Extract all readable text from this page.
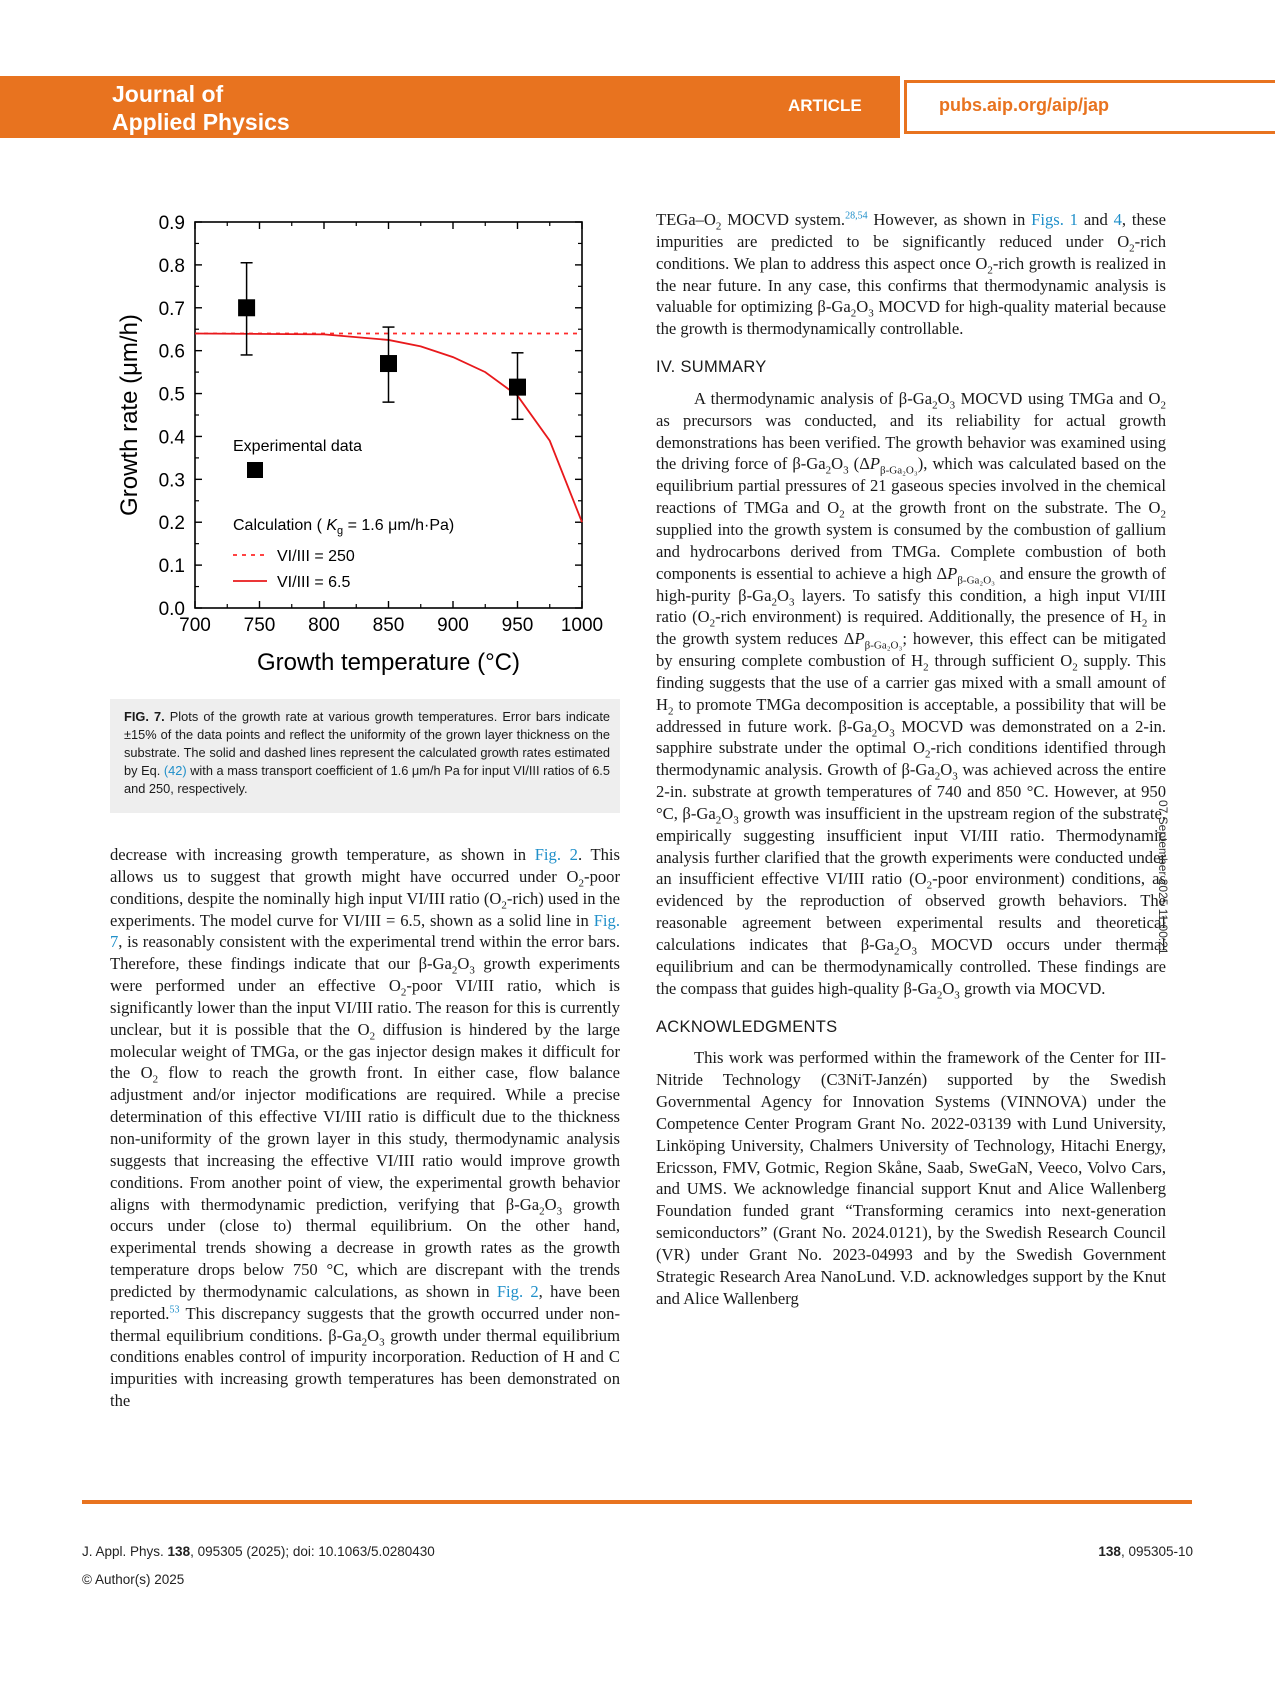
Journal of
Applied Physics
ARTICLE	pubs.aip.org/aip/jap
700 750 800 850 900 950 1000
0.0
0.1
0.2
0.3
0.4
0.5
0.6
0.7
0.8
0.9
Growth temperature (°C)
Growth rate (μm/h)	Experimental data
Calculation ( $K_g = 1.6$ μm/h·Pa)
VI/III = 250
VI/III = 6.5
FIG. 7. Plots of the growth rate at various growth temperatures. Error bars indicate ±15% of the data points and reflect the uniformity of the grown layer thickness on the substrate. The solid and dashed lines represent the calculated growth rates estimated by Eq. (42) with a mass transport coefficient of 1.6 μm/h Pa for input VI/III ratios of 6.5 and 250, respectively.

decrease with increasing growth temperature, as shown in Fig. 2. This allows us to suggest that growth might have occurred under $O_2$-poor conditions, despite the nominally high input VI/III ratio $(O_2-rich)$ used in the experiments. The model curve for VI/III = 6.5, shown as a solid line in Fig. 7, is reasonably consistent with the experimental trend within the error bars. Therefore, these findings indicate that our $\beta-Ga_2O_3$ growth experiments were performed under an effective $O_2$-poor VI/III ratio, which is significantly lower than the input VI/III ratio. The reason for this is currently unclear, but it is possible that the $O_2$ diffusion is hindered by the large molecular weight of TMGa, or the gas injector design makes it difficult for the $O_2$ flow to reach the growth front. In either case, flow balance adjustment and/or injector modifications are required. While a precise determination of this effective VI/III ratio is difficult due to the thickness non-uniformity of the grown layer in this study, thermodynamic analysis suggests that increasing the effective VI/III ratio would improve growth conditions. From another point of view, the experimental growth behavior aligns with thermodynamic prediction, verifying that $\beta-Ga_2O_3$ growth occurs under (close to) thermal equilibrium. On the other hand, experimental trends showing a decrease in growth rates as the growth temperature drops below 750 °C, which are discrepant with the trends predicted by thermodynamic calculations, as shown in Fig. 2, have been reported.$^{53}$ This discrepancy suggests that the growth occurred under non-thermal equilibrium conditions. $\beta-Ga_2O_3$ growth under thermal equilibrium conditions enables control of impurity incorporation. Reduction of H and C impurities with increasing growth temperatures has been demonstrated on the

TEGa–$O_2$ MOCVD system.$^{28,54}$ However, as shown in Figs. 1 and 4, these impurities are predicted to be significantly reduced under $O_2$-rich conditions. We plan to address this aspect once $O_2$-rich growth is realized in the near future. In any case, this confirms that thermodynamic analysis is valuable for optimizing $\beta-Ga_2O_3$ MOCVD for high-quality material because the growth is thermodynamically controllable.

IV. SUMMARY

A thermodynamic analysis of $\beta-Ga_2O_3$ MOCVD using TMGa and $O_2$ as precursors was conducted, and its reliability for actual growth demonstrations has been verified. The growth behavior was examined using the driving force of $\beta-Ga_2O_3$ $(\Delta P_{\beta-Ga_2O_3})$, which was calculated based on the equilibrium partial pressures of 21 gaseous species involved in the chemical reactions of TMGa and $O_2$ at the growth front on the substrate. The $O_2$ supplied into the growth system is consumed by the combustion of gallium and hydrocarbons derived from TMGa. Complete combustion of both components is essential to achieve a high $\Delta P_{\beta-Ga_2O_3}$ and ensure the growth of high-purity $\beta-Ga_2O_3$ layers. To satisfy this condition, a high input VI/III ratio ($O_2$-rich environment) is required. Additionally, the presence of $H_2$ in the growth system reduces $\Delta P_{\beta-Ga_2O_3}$; however, this effect can be mitigated by ensuring complete combustion of $H_2$ through sufficient $O_2$ supply. This finding suggests that the use of a carrier gas mixed with a small amount of $H_2$ to promote TMGa decomposition is acceptable, a possibility that will be addressed in future work. $\beta-Ga_2O_3$ MOCVD was demonstrated on a 2-in. sapphire substrate under the optimal $O_2$-rich conditions identified through thermodynamic analysis. Growth of $\beta-Ga_2O_3$ was achieved across the entire 2-in. substrate at growth temperatures of 740 and 850 °C. However, at 950 °C, $\beta-Ga_2O_3$ growth was insufficient in the upstream region of the substrate, empirically suggesting insufficient input VI/III ratio. Thermodynamic analysis further clarified that the growth experiments were conducted under an insufficient effective VI/III ratio ($O_2$-poor environment) conditions, as evidenced by the reproduction of observed growth behaviors. The reasonable agreement between experimental results and theoretical calculations indicates that $\beta-Ga_2O_3$ MOCVD occurs under thermal equilibrium and can be thermodynamically controlled. These findings are the compass that guides high-quality $\beta-Ga_2O_3$ growth via MOCVD.

ACKNOWLEDGMENTS

This work was performed within the framework of the Center for III-Nitride Technology (C3NiT-Janzén) supported by the Swedish Governmental Agency for Innovation Systems (VINNOVA) under the Competence Center Program Grant No. 2022-03139 with Lund University, Linköping University, Chalmers University of Technology, Hitachi Energy, Ericsson, FMV, Gotmic, Region Skåne, Saab, SweGaN, Veeco, Volvo Cars, and UMS. We acknowledge financial support Knut and Alice Wallenberg Foundation funded grant “Transforming ceramics into next-generation semiconductors” (Grant No. 2024.0121), by the Swedish Research Council (VR) under Grant No. 2023-04993 and by the Swedish Government Strategic Research Area NanoLund. V.D. acknowledges support by the Knut and Alice Wallenberg

07 September 2025 11:00:21
J. Appl. Phys. 138, 095305 (2025); doi: 10.1063/5.0280430
© Author(s) 2025
138, 095305-10
